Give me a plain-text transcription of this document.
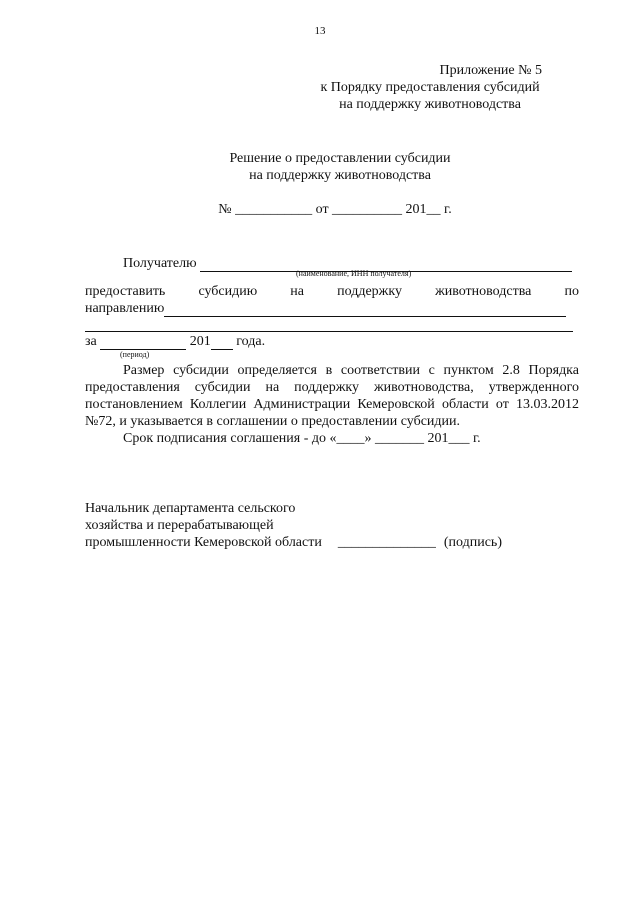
13
Приложение № 5
к Порядку предоставления субсидий
на поддержку животноводства
Решение о предоставлении субсидии
на поддержку животноводства
№ ___________ от __________ 201__ г.
Получателю
(наименование, ИНН получателя)
предоставить субсидию на поддержку животноводства по
направлению
за	201 года.
(период)

Размер субсидии определяется в соответствии с пунктом 2.8 Порядка предоставления субсидии на поддержку животноводства, утвержденного постановлением Коллегии Администрации Кемеровской области от 13.03.2012 №72, и указывается в соглашении о предоставлении субсидии.

Срок подписания соглашения - до «____» _______ 201___ г.

Начальник департамента сельского
хозяйства и перерабатывающей
промышленности Кемеровской области ______________ (подпись)
